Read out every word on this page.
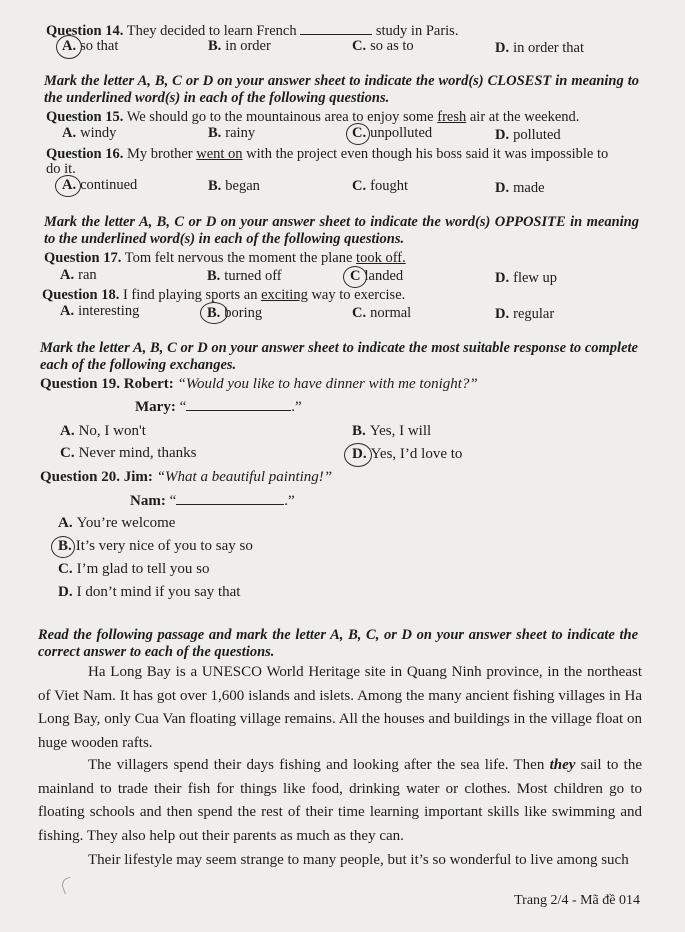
Question 14. They decided to learn French	study in Paris.
A. so that	B. in order	C. so as to	D. in order that
Mark the letter A, B, C or D on your answer sheet to indicate the word(s) CLOSEST in meaning to the underlined word(s) in each of the following questions.
Question 15. We should go to the mountainous area to enjoy some fresh air at the weekend.
A. windy	B. rainy	C. unpolluted	D. polluted
Question 16. My brother went on with the project even though his boss said it was impossible to
do it.
A. continued	B. began	C. fought	D. made
Mark the letter A, B, C or D on your answer sheet to indicate the word(s) OPPOSITE in meaning to the underlined word(s) in each of the following questions.
Question 17. Tom felt nervous the moment the plane took off.
A. ran	B. turned off	C landed	D. flew up
Question 18. I find playing sports an exciting way to exercise.
A. interesting	B. boring	C. normal	D. regular
Mark the letter A, B, C or D on your answer sheet to indicate the most suitable response to complete each of the following exchanges.
Question 19. Robert: “Would you like to have dinner with me tonight?”
Mary: “	.”
A. No, I won't	B. Yes, I will
C. Never mind, thanks	D. Yes, I’d love to
Question 20. Jim: “What a beautiful painting!”
Nam: “	.”
A. You’re welcome
B. It’s very nice of you to say so
C. I’m glad to tell you so
D. I don’t mind if you say that
Read the following passage and mark the letter A, B, C, or D on your answer sheet to indicate the correct answer to each of the questions.
Ha Long Bay is a UNESCO World Heritage site in Quang Ninh province, in the northeast of Viet Nam. It has got over 1,600 islands and islets. Among the many ancient fishing villages in Ha Long Bay, only Cua Van floating village remains. All the houses and buildings in the village float on huge wooden rafts.
The villagers spend their days fishing and looking after the sea life. Then they sail to the mainland to trade their fish for things like food, drinking water or clothes. Most children go to floating schools and then spend the rest of their time learning important skills like swimming and fishing. They also help out their parents as much as they can.
Their lifestyle may seem strange to many people, but it’s so wonderful to live among such
Trang 2/4 - Mã đề 014
